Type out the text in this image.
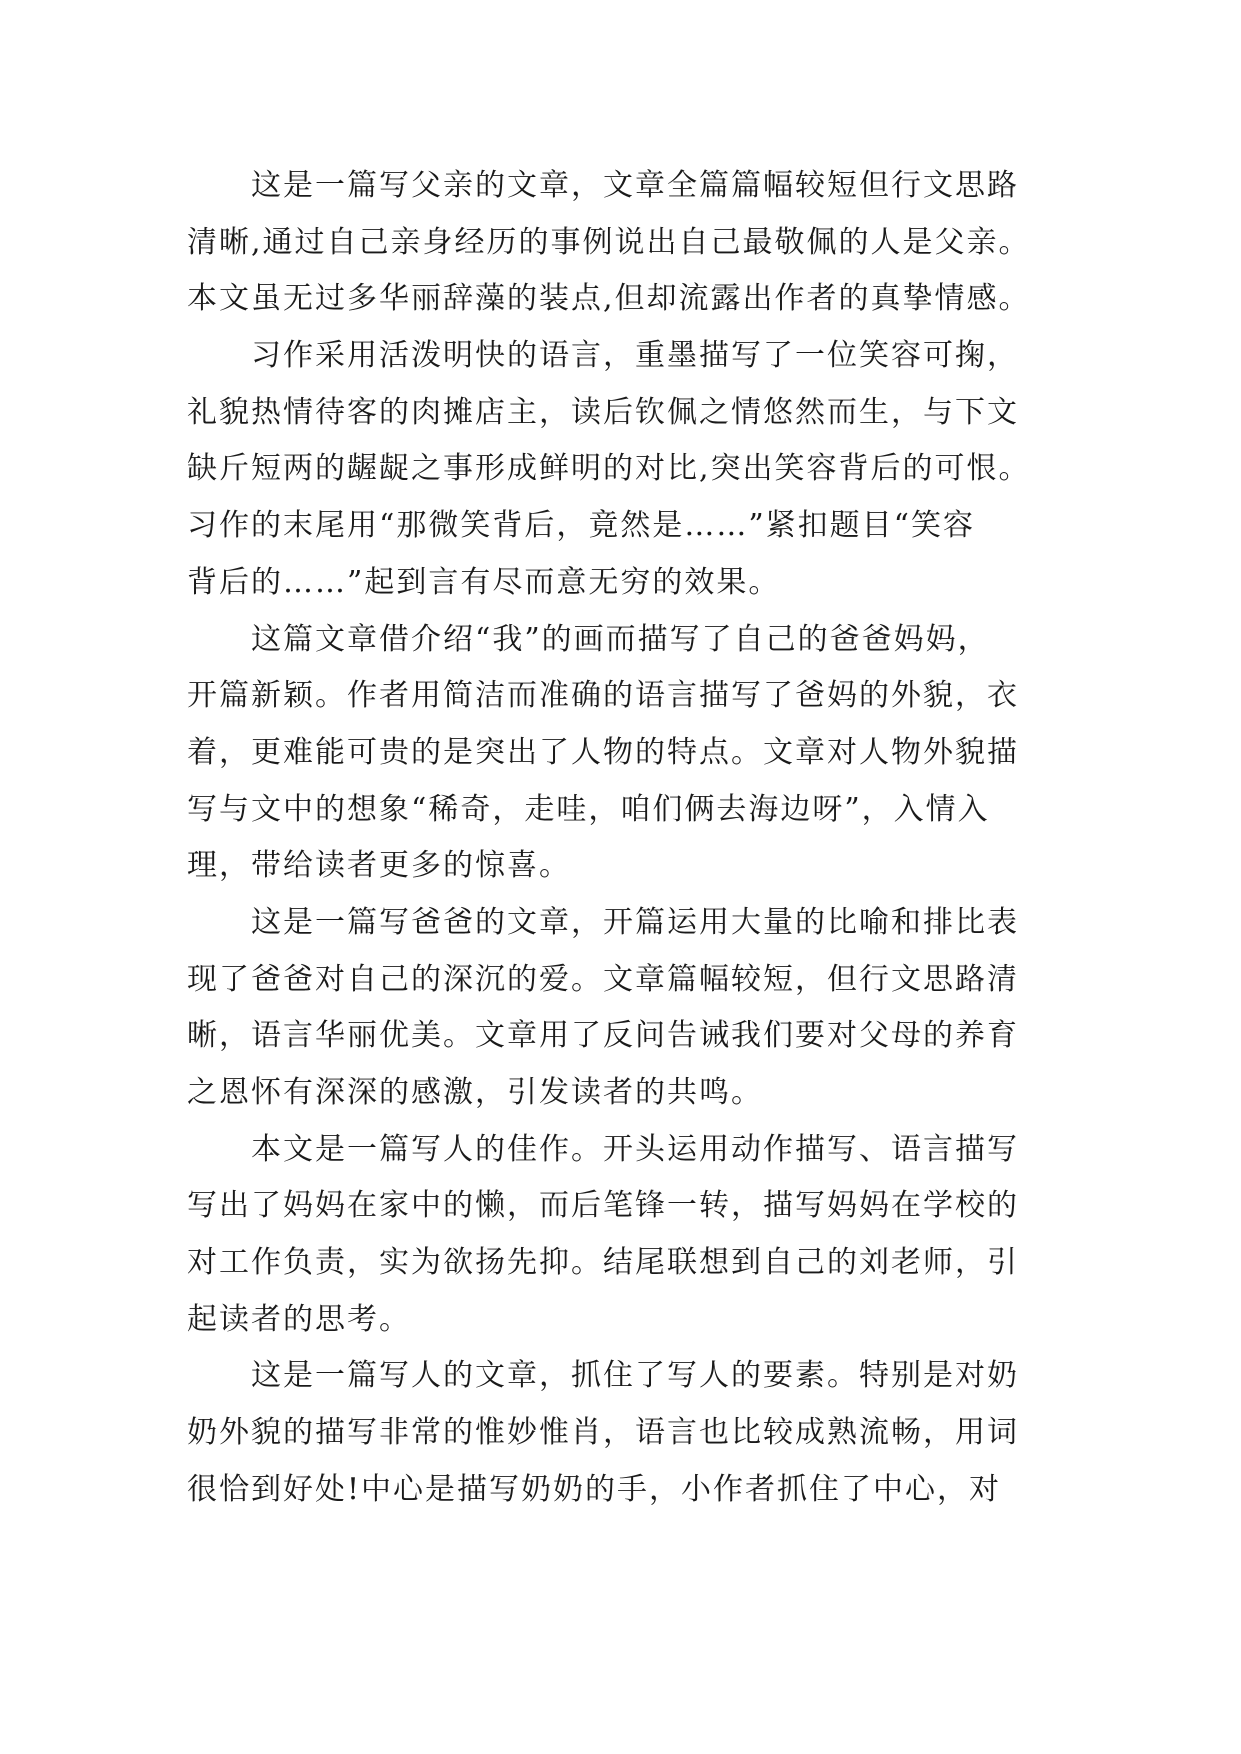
这是一篇写父亲的文章，文章全篇篇幅较短但行文思路
清晰,通过自己亲身经历的事例说出自己最敬佩的人是父亲。
本文虽无过多华丽辞藻的装点,但却流露出作者的真挚情感。

习作采用活泼明快的语言，重墨描写了一位笑容可掬，
礼貌热情待客的肉摊店主，读后钦佩之情悠然而生，与下文
缺斤短两的龌龊之事形成鲜明的对比,突出笑容背后的可恨。
习作的末尾用“那微笑背后，竟然是……”紧扣题目“笑容
背后的……”起到言有尽而意无穷的效果。

这篇文章借介绍“我”的画而描写了自己的爸爸妈妈，
开篇新颖。作者用简洁而准确的语言描写了爸妈的外貌，衣
着，更难能可贵的是突出了人物的特点。文章对人物外貌描
写与文中的想象“稀奇，走哇，咱们俩去海边呀”，入情入
理，带给读者更多的惊喜。

这是一篇写爸爸的文章，开篇运用大量的比喻和排比表
现了爸爸对自己的深沉的爱。文章篇幅较短，但行文思路清
晰，语言华丽优美。文章用了反问告诫我们要对父母的养育
之恩怀有深深的感激，引发读者的共鸣。

本文是一篇写人的佳作。开头运用动作描写、语言描写
写出了妈妈在家中的懒，而后笔锋一转，描写妈妈在学校的
对工作负责，实为欲扬先抑。结尾联想到自己的刘老师，引
起读者的思考。

这是一篇写人的文章，抓住了写人的要素。特别是对奶
奶外貌的描写非常的惟妙惟肖，语言也比较成熟流畅，用词
很恰到好处!中心是描写奶奶的手，小作者抓住了中心，对
